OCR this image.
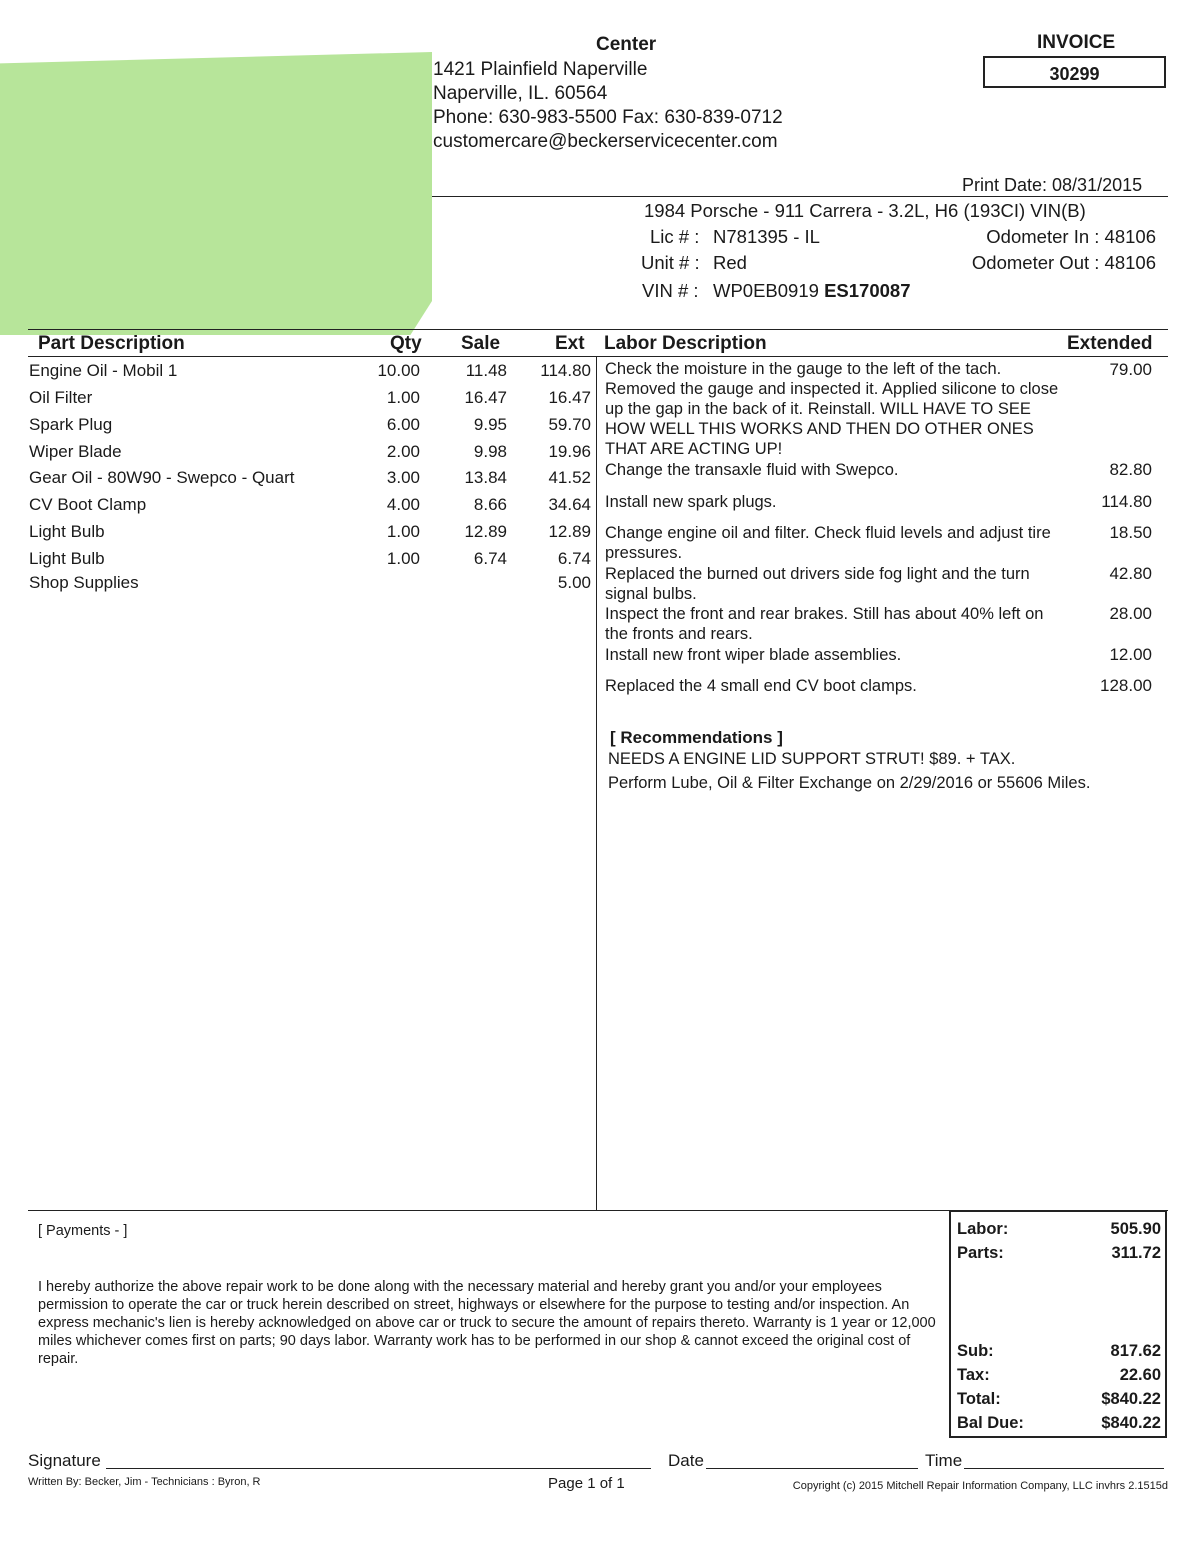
Center
1421 Plainfield Naperville
Naperville, IL. 60564
Phone: 630-983-5500 Fax: 630-839-0712
customercare@beckerservicecenter.com
INVOICE
30299
Print Date: 08/31/2015
1984 Porsche - 911 Carrera - 3.2L, H6 (193CI) VIN(B)
Lic # : N781395 - IL
Unit # : Red
VIN # : WP0EB0919 ES170087
Odometer In : 48106
Odometer Out : 48106
Part Description	Qty Sale	Ext Labor Description	Extended
Engine Oil - Mobil 1	10.00	11.48 114.80
Oil Filter	1.00	16.47 16.47
Spark Plug	6.00	9.95 59.70
Wiper Blade	2.00	9.98 19.96
Gear Oil - 80W90 - Swepco - Quart	3.00	13.84 41.52
CV Boot Clamp	4.00	8.66 34.64
Light Bulb	1.00	12.89 12.89
Light Bulb	1.00	6.74	6.74
Shop Supplies	5.00
Check the moisture in the gauge to the left of the tach. Removed the gauge and inspected it. Applied silicone to close up the gap in the back of it. Reinstall. WILL HAVE TO SEE HOW WELL THIS WORKS AND THEN DO OTHER ONES THAT ARE ACTING UP!
79.00
Change the transaxle fluid with Swepco.	82.80
Install new spark plugs.	114.80
Change engine oil and filter. Check fluid levels and adjust tire pressures.
18.50
Replaced the burned out drivers side fog light and the turn signal bulbs.
42.80
Inspect the front and rear brakes. Still has about 40% left on the fronts and rears.
28.00
Install new front wiper blade assemblies.	12.00
Replaced the 4 small end CV boot clamps.	128.00
[ Recommendations ]
NEEDS A ENGINE LID SUPPORT STRUT! $89. + TAX.
Perform Lube, Oil & Filter Exchange on 2/29/2016 or 55606 Miles.
[ Payments - ]
I hereby authorize the above repair work to be done along with the necessary material and hereby grant you and/or your employees permission to operate the car or truck herein described on street, highways or elsewhere for the purpose to testing and/or inspection. An express mechanic's lien is hereby acknowledged on above car or truck to secure the amount of repairs thereto. Warranty is 1 year or 12,000 miles whichever comes first on parts; 90 days labor. Warranty work has to be performed in our shop & cannot exceed the original cost of repair.
Labor:	505.90
Parts:	311.72
Sub:	817.62
Tax:	22.60
Total:	$840.22
Bal Due:	$840.22
Signature	Date	Time
Written By: Becker, Jim - Technicians : Byron, R	Page 1 of 1	Copyright (c) 2015 Mitchell Repair Information Company, LLC invhrs 2.1515d
